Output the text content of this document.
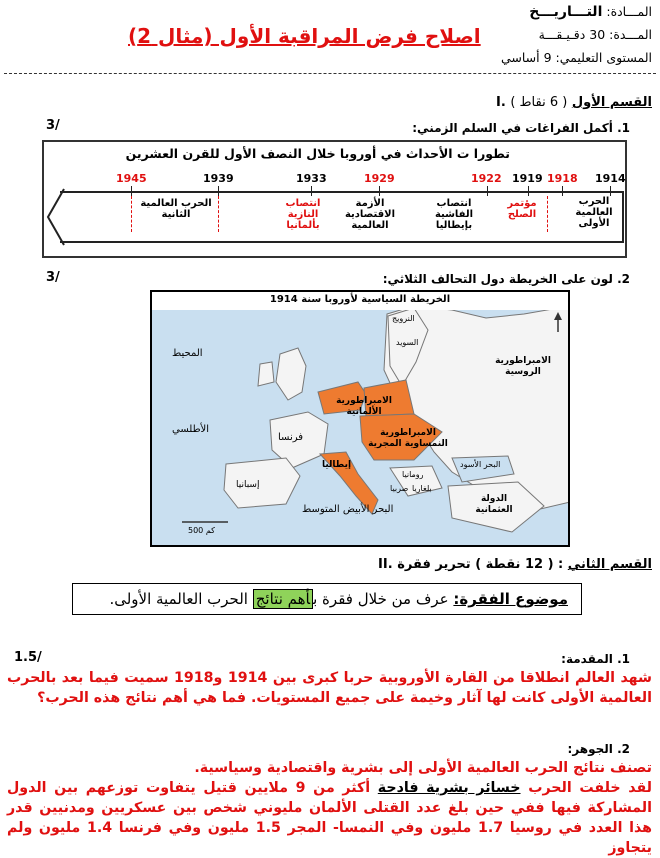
المـــادة: التـــاريـــخ
المـــدة: 30 دقـيـقـــة
المستوى التعليمي: 9 أساسي
اصلاح فرض المراقبة الأول (مثال 2)
I.	القسم الأول ( 6 نقاط )
1. أكمل الفراغات في السلم الزمني:
3/
تطورا ت الأحداث في أوروبا خلال النصف الأول للقرن العشرين
1914
1918
1919
1922
1929
1933
1939
1945
الحرب العالمية الأولى
مؤتمر الصلح
انتصاب الفاشية بإيطاليا
الأزمة الاقتصادية العالمية
انتصاب النازية بألمانيا
الحرب العالمية الثانية
2. لون على الخريطة دول التحالف الثلاثي:
3/
المحيط
الأطلسي
النرويج
السويد
الامبراطورية الروسية
الامبراطورية الألمانية
الامبراطورية النمساوية المجرية
إيطاليا
فرنسا
إسبانيا
رومانيا
صربيا بلغاريا
البحر الأسود
الدولة العثمانية
البحر الأبيض المتوسط
500 كم
الخريطة السياسية لأوروبا سنة 1914
II.	القسم الثاني : ( 12 نقطة ) تحرير فقرة
موضوع الفقرة: عرف من خلال فقرة بأهم نتائج الحرب العالمية الأولى.
1. المقدمة:
1.5/
شهد العالم انطلاقا من القارة الأوروبية حربا كبرى بين 1914 و1918 سميت فيما بعد بالحرب العالمية الأولى كانت لها آثار وخيمة على جميع المستويات. فما هي أهم نتائج هذه الحرب؟
2. الجوهر:
تصنف نتائج الحرب العالمية الأولى إلى بشرية واقتصادية وسياسية.
لقد خلفت الحرب خسائر بشرية فادحة أكثر من 9 ملايين قتيل يتفاوت توزعهم بين الدول المشاركة فيها ففي حين بلغ عدد القتلى الألمان مليوني شخص بين عسكريين ومدنيين قدر هذا العدد في روسيا 1.7 مليون وفي النمسا- المجر 1.5 مليون وفي فرنسا 1.4 مليون ولم يتجاوز
